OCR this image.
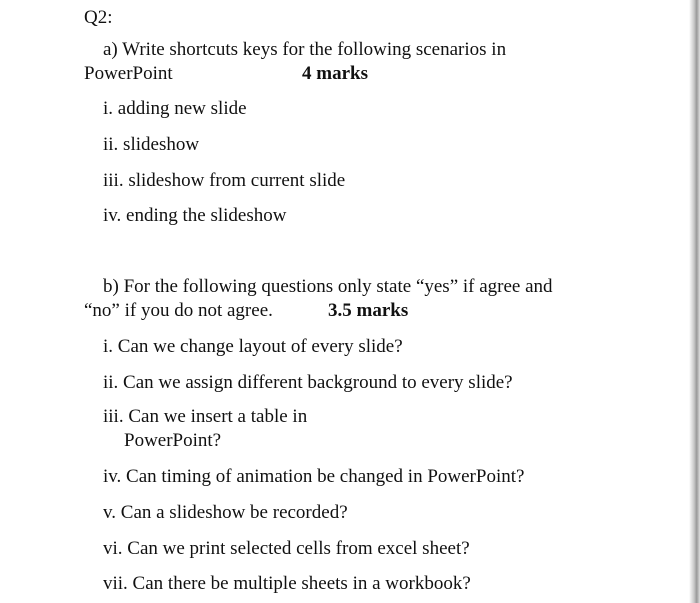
Q2:
a) Write shortcuts keys for the following scenarios in
PowerPoint	4 marks
i. adding new slide
ii. slideshow
iii. slideshow from current slide
iv. ending the slideshow
b) For the following questions only state “yes” if agree and
“no” if you do not agree.	3.5 marks
i. Can we change layout of every slide?
ii. Can we assign different background to every slide?
iii. Can we insert a table in
PowerPoint?
iv. Can timing of animation be changed in PowerPoint?
v. Can a slideshow be recorded?
vi. Can we print selected cells from excel sheet?
vii. Can there be multiple sheets in a workbook?
